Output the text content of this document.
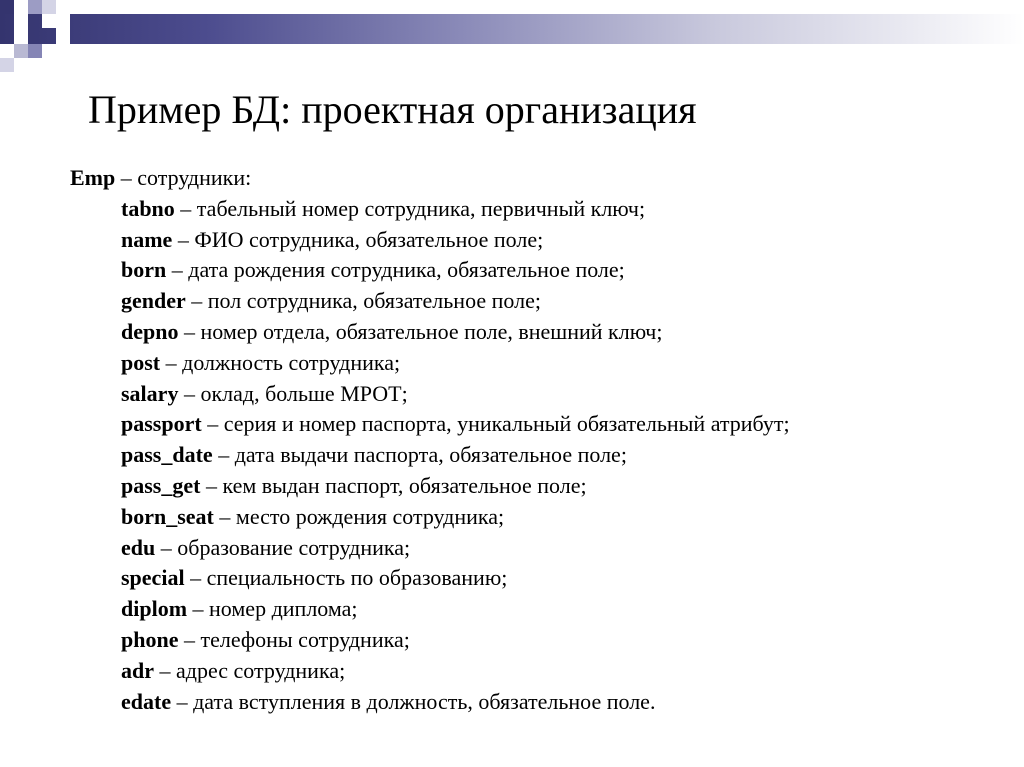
Пример БД: проектная организация
Emp – сотрудники:
tabno – табельный номер сотрудника, первичный ключ;
name – ФИО сотрудника, обязательное поле;
born – дата рождения сотрудника, обязательное поле;
gender – пол сотрудника, обязательное поле;
depno – номер отдела, обязательное поле, внешний ключ;
post – должность сотрудника;
salary – оклад, больше МРОТ;
passport – серия и номер паспорта, уникальный обязательный атрибут;
pass_date – дата выдачи паспорта, обязательное поле;
pass_get – кем выдан паспорт, обязательное поле;
born_seat – место рождения сотрудника;
edu – образование сотрудника;
special – специальность по образованию;
diplom – номер диплома;
phone – телефоны сотрудника;
adr – адрес сотрудника;
edate – дата вступления в должность, обязательное поле.
